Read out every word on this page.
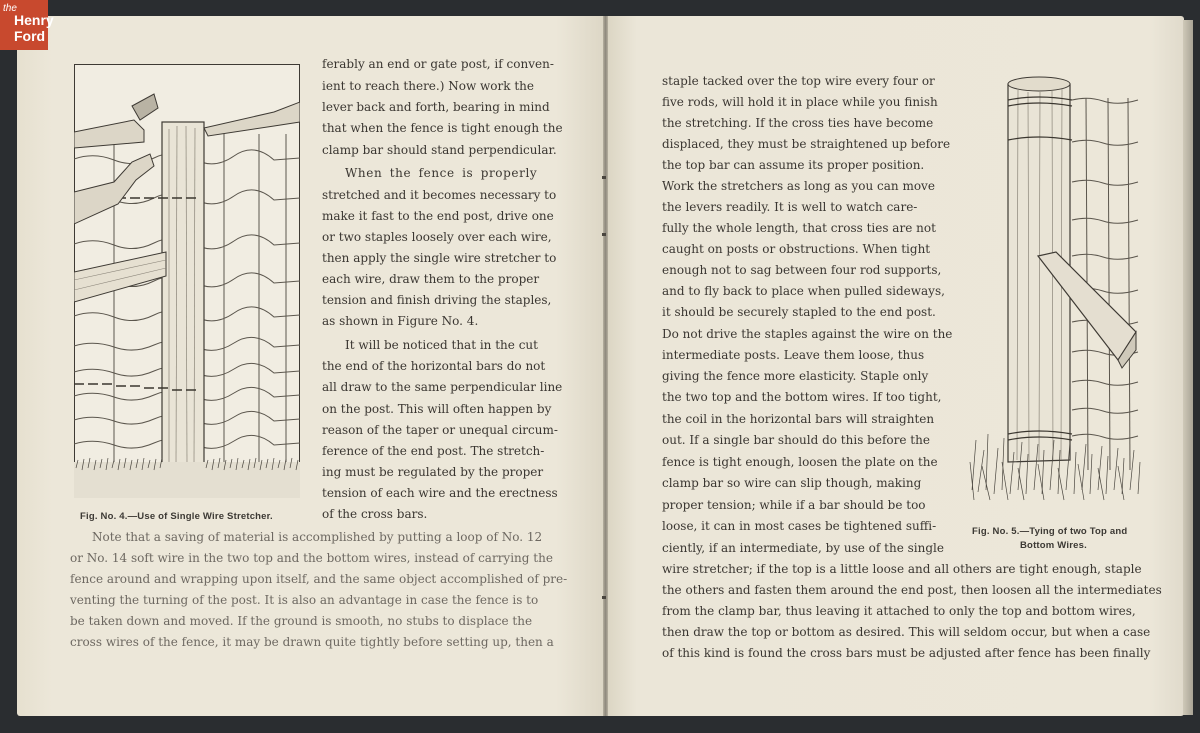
the
Henry
Ford
Fig. No. 4.—Use of Single Wire Stretcher.
ferably an end or gate post, if conven-
ient to reach there.) Now work the
lever back and forth, bearing in mind
that when the fence is tight enough the
clamp bar should stand perpendicular.
When the fence is properly
stretched and it becomes necessary to
make it fast to the end post, drive one
or two staples loosely over each wire,
then apply the single wire stretcher to
each wire, draw them to the proper
tension and finish driving the staples,
as shown in Figure No. 4.
It will be noticed that in the cut
the end of the horizontal bars do not
all draw to the same perpendicular line
on the post. This will often happen by
reason of the taper or unequal circum-
ference of the end post. The stretch-
ing must be regulated by the proper
tension of each wire and the erectness
of the cross bars.
Note that a saving of material is accomplished by putting a loop of No. 12
or No. 14 soft wire in the two top and the bottom wires, instead of carrying the
fence around and wrapping upon itself, and the same object accomplished of pre-
venting the turning of the post. It is also an advantage in case the fence is to
be taken down and moved. If the ground is smooth, no stubs to displace the
cross wires of the fence, it may be drawn quite tightly before setting up, then a
staple tacked over the top wire every four or
five rods, will hold it in place while you finish
the stretching. If the cross ties have become
displaced, they must be straightened up before
the top bar can assume its proper position.
Work the stretchers as long as you can move
the levers readily. It is well to watch care-
fully the whole length, that cross ties are not
caught on posts or obstructions. When tight
enough not to sag between four rod supports,
and to fly back to place when pulled sideways,
it should be securely stapled to the end post.
Do not drive the staples against the wire on the
intermediate posts. Leave them loose, thus
giving the fence more elasticity. Staple only
the two top and the bottom wires. If too tight,
the coil in the horizontal bars will straighten
out. If a single bar should do this before the
fence is tight enough, loosen the plate on the
clamp bar so wire can slip though, making
proper tension; while if a bar should be too
loose, it can in most cases be tightened suffi-
ciently, if an intermediate, by use of the single
Fig. No. 5.—Tying of two Top and
Bottom Wires.
wire stretcher; if the top is a little loose and all others are tight enough, staple
the others and fasten them around the end post, then loosen all the intermediates
from the clamp bar, thus leaving it attached to only the top and bottom wires,
then draw the top or bottom as desired. This will seldom occur, but when a case
of this kind is found the cross bars must be adjusted after fence has been finally
